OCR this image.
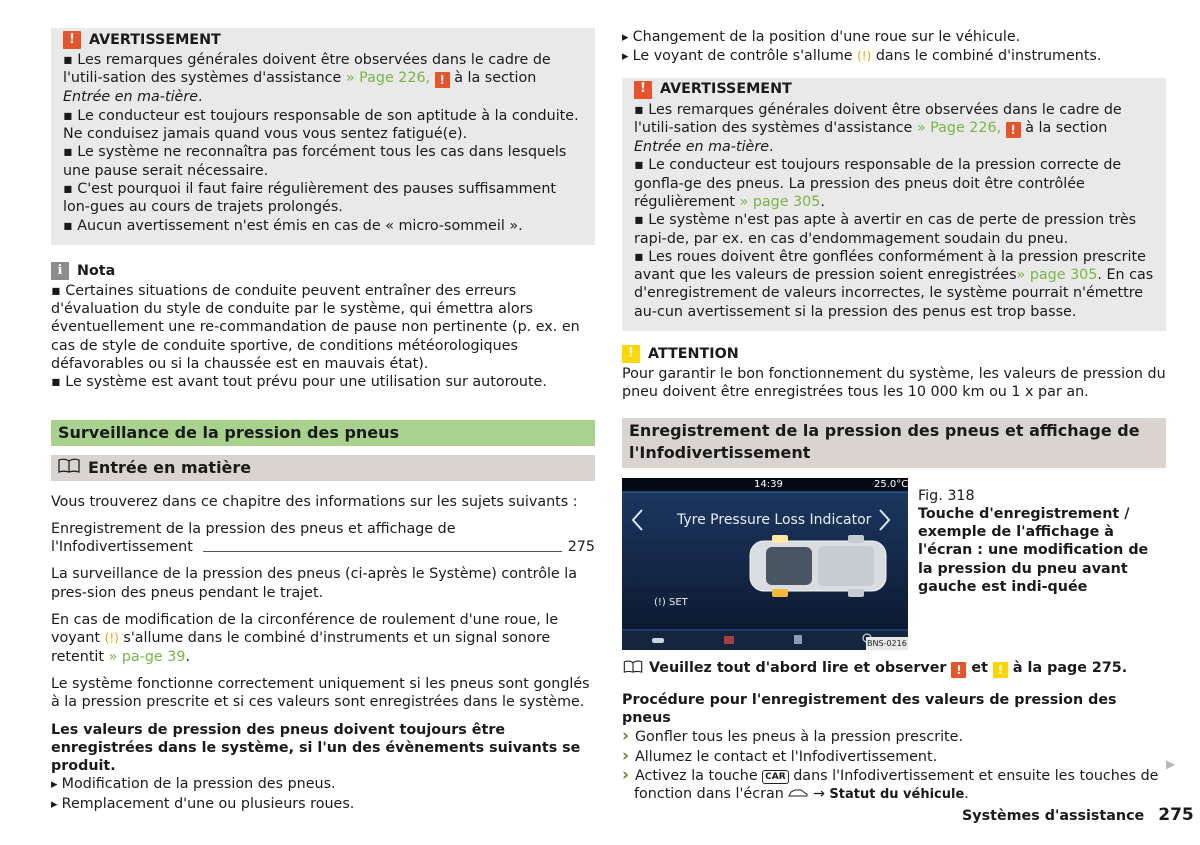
! AVERTISSEMENT

▪ Les remarques générales doivent être observées dans le cadre de l'utili-sation des systèmes d'assistance » Page 226, ! à la section Entrée en ma-tière.

▪ Le conducteur est toujours responsable de son aptitude à la conduite. Ne conduisez jamais quand vous vous sentez fatigué(e).

▪ Le système ne reconnaîtra pas forcément tous les cas dans lesquels une pause serait nécessaire.

▪ C'est pourquoi il faut faire régulièrement des pauses suffisamment lon-gues au cours de trajets prolongés.

▪ Aucun avertissement n'est émis en cas de « micro-sommeil ».

i	Nota

▪ Certaines situations de conduite peuvent entraîner des erreurs d'évaluation du style de conduite par le système, qui émettra alors éventuellement une re-commandation de pause non pertinente (p. ex. en cas de style de conduite sportive, de conditions météorologiques défavorables ou si la chaussée est en mauvais état).

▪ Le système est avant tout prévu pour une utilisation sur autoroute.

Surveillance de la pression des pneus
Entrée en matière

Vous trouverez dans ce chapitre des informations sur les sujets suivants :

Enregistrement de la pression des pneus et affichage de
l'Infodivertissement	275

La surveillance de la pression des pneus (ci-après le Système) contrôle la pres-sion des pneus pendant le trajet.

En cas de modification de la circonférence de roulement d'une roue, le voyant (!) s'allume dans le combiné d'instruments et un signal sonore retentit » pa-ge 39.

Le système fonctionne correctement uniquement si les pneus sont gonglés à la pression prescrite et si ces valeurs sont enregistrées dans le système.

Les valeurs de pression des pneus doivent toujours être enregistrées dans le système, si l'un des évènements suivants se produit.

▸ Modification de la pression des pneus.
▸ Remplacement d'une ou plusieurs roues.
▸ Changement de la position d'une roue sur le véhicule.
▸ Le voyant de contrôle s'allume (!) dans le combiné d'instruments.
! AVERTISSEMENT

▪ Les remarques générales doivent être observées dans le cadre de l'utili-sation des systèmes d'assistance » Page 226, ! à la section Entrée en ma-tière.

▪ Le conducteur est toujours responsable de la pression correcte de gonfla-ge des pneus. La pression des pneus doit être contrôlée régulièrement » page 305.

▪ Le système n'est pas apte à avertir en cas de perte de pression très rapi-de, par ex. en cas d'endommagement soudain du pneu.

▪ Les roues doivent être gonflées conformément à la pression prescrite avant que les valeurs de pression soient enregistrées» page 305. En cas d'enregistrement de valeurs incorrectes, le système pourrait n'émettre au-cun avertissement si la pression des penus est trop basse.

! ATTENTION

Pour garantir le bon fonctionnement du système, les valeurs de pression du pneu doivent être enregistrées tous les 10 000 km ou 1 x par an.

Enregistrement de la pression des pneus et affichage de l'Infodivertissement
14:39	25.0°C
Tyre Pressure Loss Indicator
(!) SET
BNS-0216
Fig. 318
Touche d'enregistrement / exemple de l'affichage à l'écran : une modification de la pression du pneu avant gauche est indi-quée

Veuillez tout d'abord lire et observer ! et ! à la page 275.

Procédure pour l'enregistrement des valeurs de pression des pneus

› Gonfler tous les pneus à la pression prescrite.
› Allumez le contact et l'Infodivertissement.
› Activez la touche CAR dans l'Infodivertissement et ensuite les touches de fonction dans l'écran  → Statut du véhicule.
▶
Systèmes d'assistance 275
